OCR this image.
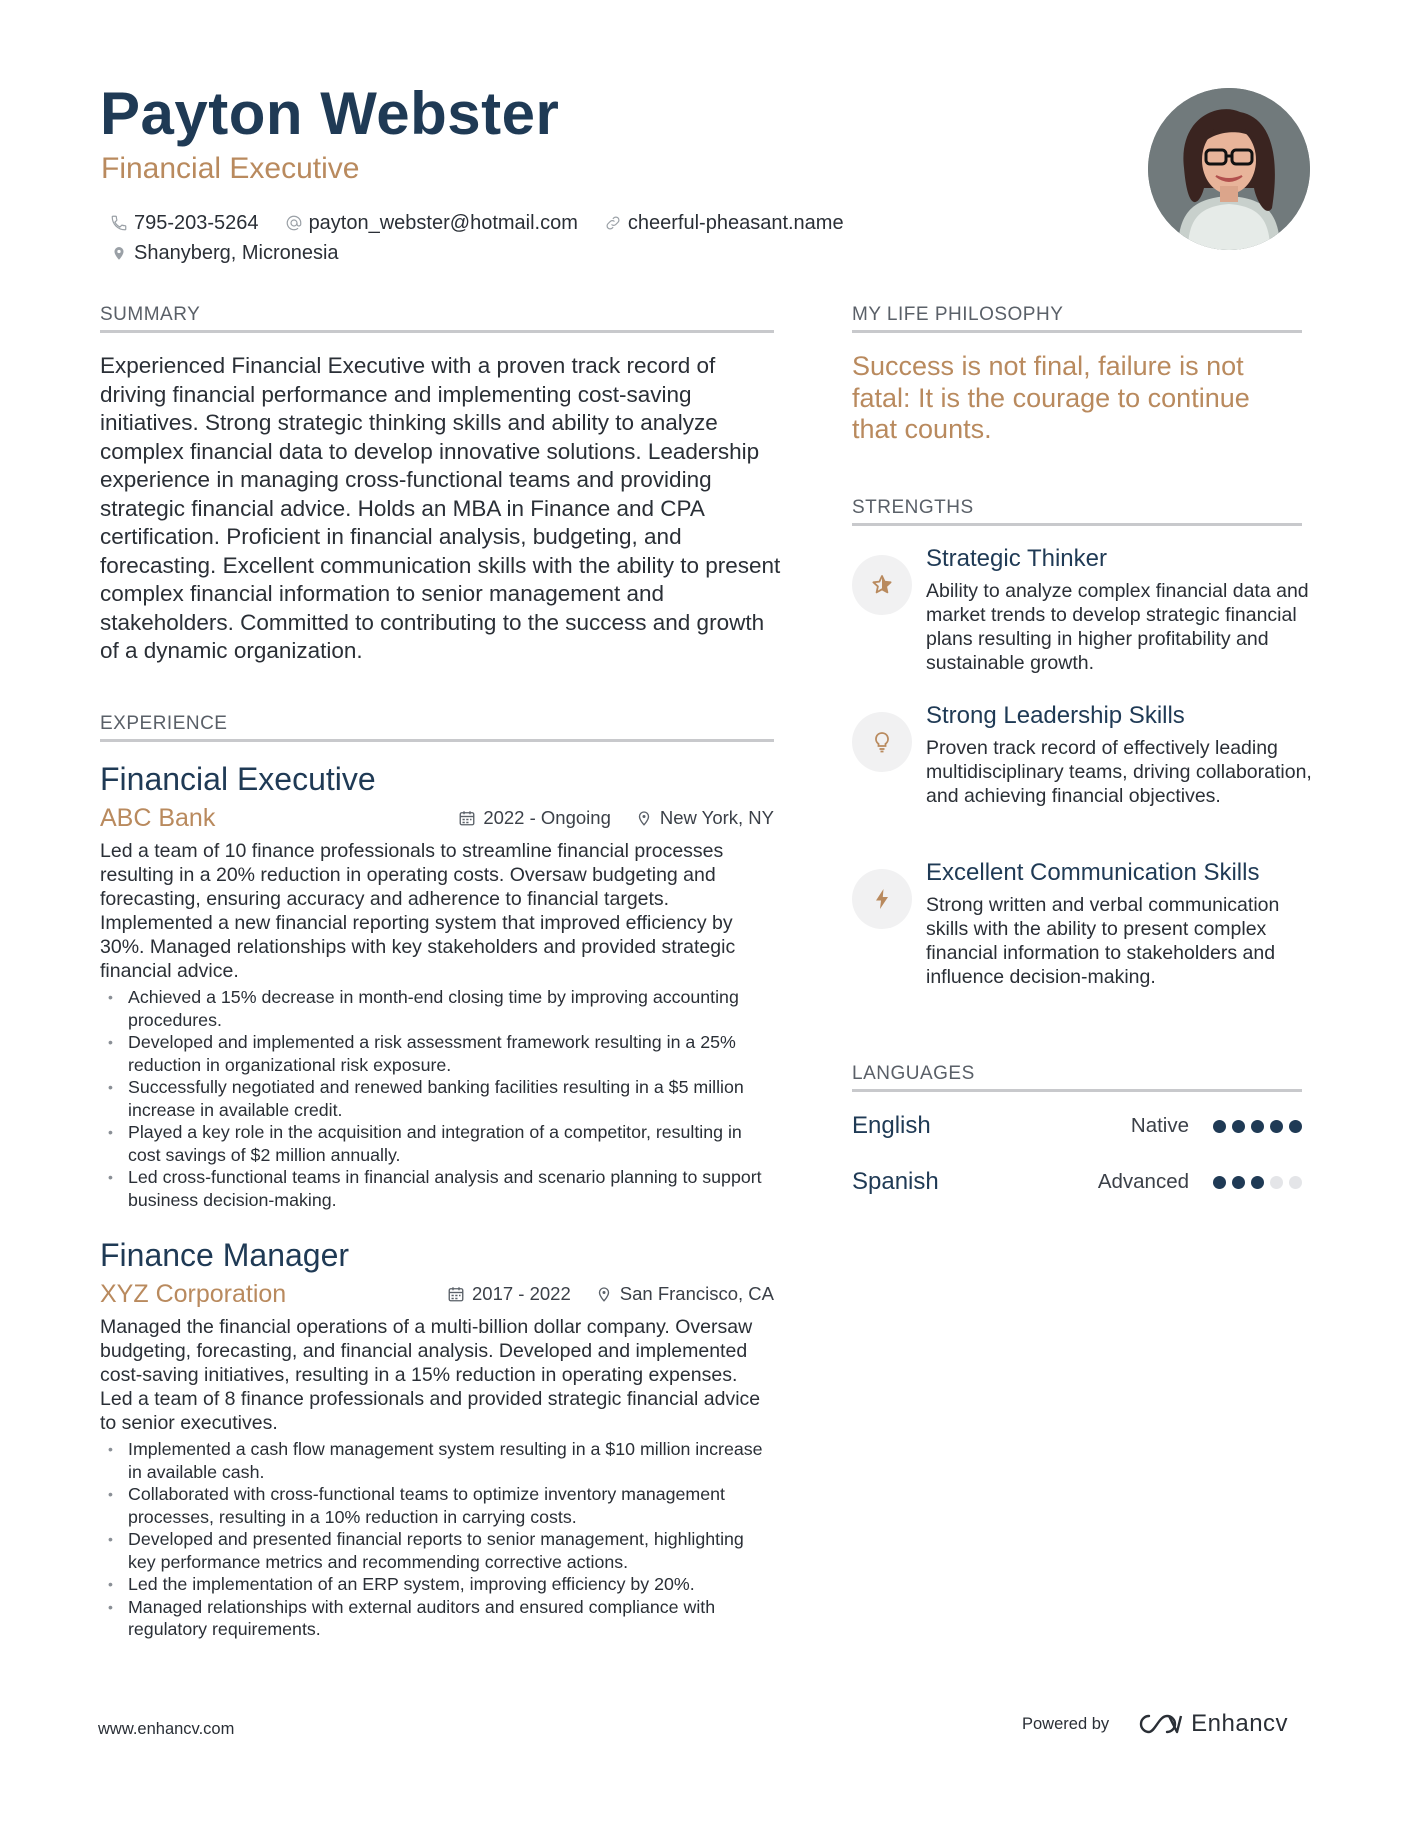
Payton Webster
Financial Executive
795-203-5264	payton_webster@hotmail.com	cheerful-pheasant.name
Shanyberg, Micronesia
SUMMARY
Experienced Financial Executive with a proven track record of driving financial performance and implementing cost-saving initiatives. Strong strategic thinking skills and ability to analyze complex financial data to develop innovative solutions. Leadership experience in managing cross-functional teams and providing strategic financial advice. Holds an MBA in Finance and CPA certification. Proficient in financial analysis, budgeting, and forecasting. Excellent communication skills with the ability to present complex financial information to senior management and stakeholders. Committed to contributing to the success and growth of a dynamic organization.
EXPERIENCE
Financial Executive
ABC Bank	2022 - Ongoing	New York, NY
Led a team of 10 finance professionals to streamline financial processes resulting in a 20% reduction in operating costs. Oversaw budgeting and forecasting, ensuring accuracy and adherence to financial targets. Implemented a new financial reporting system that improved efficiency by 30%. Managed relationships with key stakeholders and provided strategic financial advice.
• Achieved a 15% decrease in month-end closing time by improving accounting procedures.
• Developed and implemented a risk assessment framework resulting in a 25% reduction in organizational risk exposure.
• Successfully negotiated and renewed banking facilities resulting in a $5 million increase in available credit.
• Played a key role in the acquisition and integration of a competitor, resulting in cost savings of $2 million annually.
• Led cross-functional teams in financial analysis and scenario planning to support business decision-making.
Finance Manager
XYZ Corporation	2017 - 2022	San Francisco, CA
Managed the financial operations of a multi-billion dollar company. Oversaw budgeting, forecasting, and financial analysis. Developed and implemented cost-saving initiatives, resulting in a 15% reduction in operating expenses. Led a team of 8 finance professionals and provided strategic financial advice to senior executives.
• Implemented a cash flow management system resulting in a $10 million increase in available cash.
• Collaborated with cross-functional teams to optimize inventory management processes, resulting in a 10% reduction in carrying costs.
• Developed and presented financial reports to senior management, highlighting key performance metrics and recommending corrective actions.
• Led the implementation of an ERP system, improving efficiency by 20%.
• Managed relationships with external auditors and ensured compliance with regulatory requirements.
MY LIFE PHILOSOPHY
Success is not final, failure is not fatal: It is the courage to continue that counts.
STRENGTHS
Strategic Thinker
Ability to analyze complex financial data and market trends to develop strategic financial plans resulting in higher profitability and sustainable growth.
Strong Leadership Skills
Proven track record of effectively leading multidisciplinary teams, driving collaboration, and achieving financial objectives.
Excellent Communication Skills
Strong written and verbal communication skills with the ability to present complex financial information to stakeholders and influence decision-making.
LANGUAGES
English	Native
Spanish	Advanced
www.enhancv.com	Powered by	Enhancv
